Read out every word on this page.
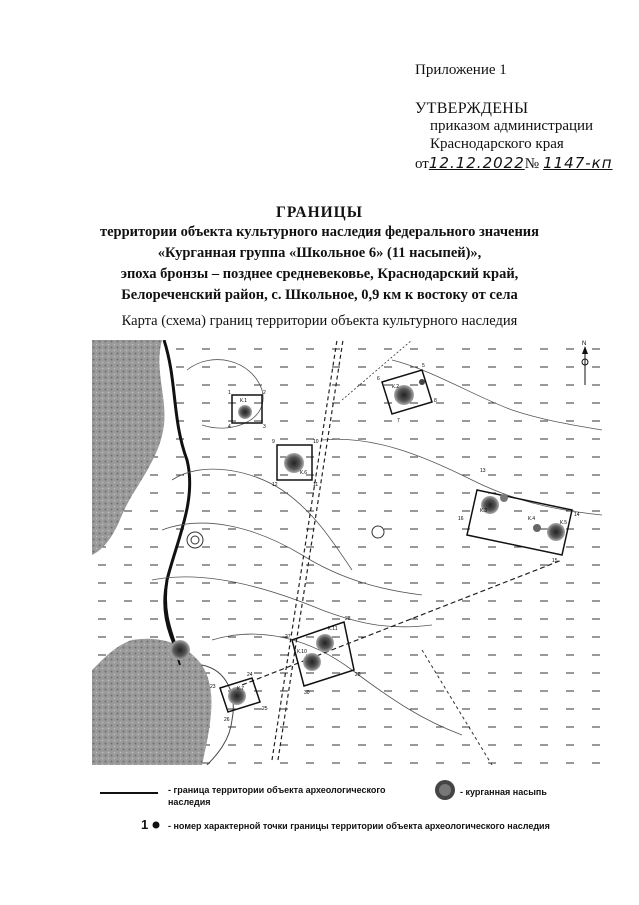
Приложение 1
УТВЕРЖДЕНЫ
приказом администрации
Краснодарского края
от12.12.2022№ 1147-кп
ГРАНИЦЫ
территории объекта культурного наследия федерального значения
«Курганная группа «Школьное 6» (11 насыпей)»,
эпоха бронзы – позднее средневековье, Краснодарский край,
Белореченский район, с. Школьное, 0,9 км к востоку от села
Карта (схема) границ территории объекта культурного наследия
К.1
1	2
3
4
К.2
5
6
7
8
К.6
9	10
11
12
К.3
К.4
К.5
13
14
15
16
К.11
К.10
27
28
29
30
К.7
23
24
25
26
N
- граница территории объекта археологического наследия
- курганная насыпь
1 - номер характерной точки границы территории объекта археологического наследия
